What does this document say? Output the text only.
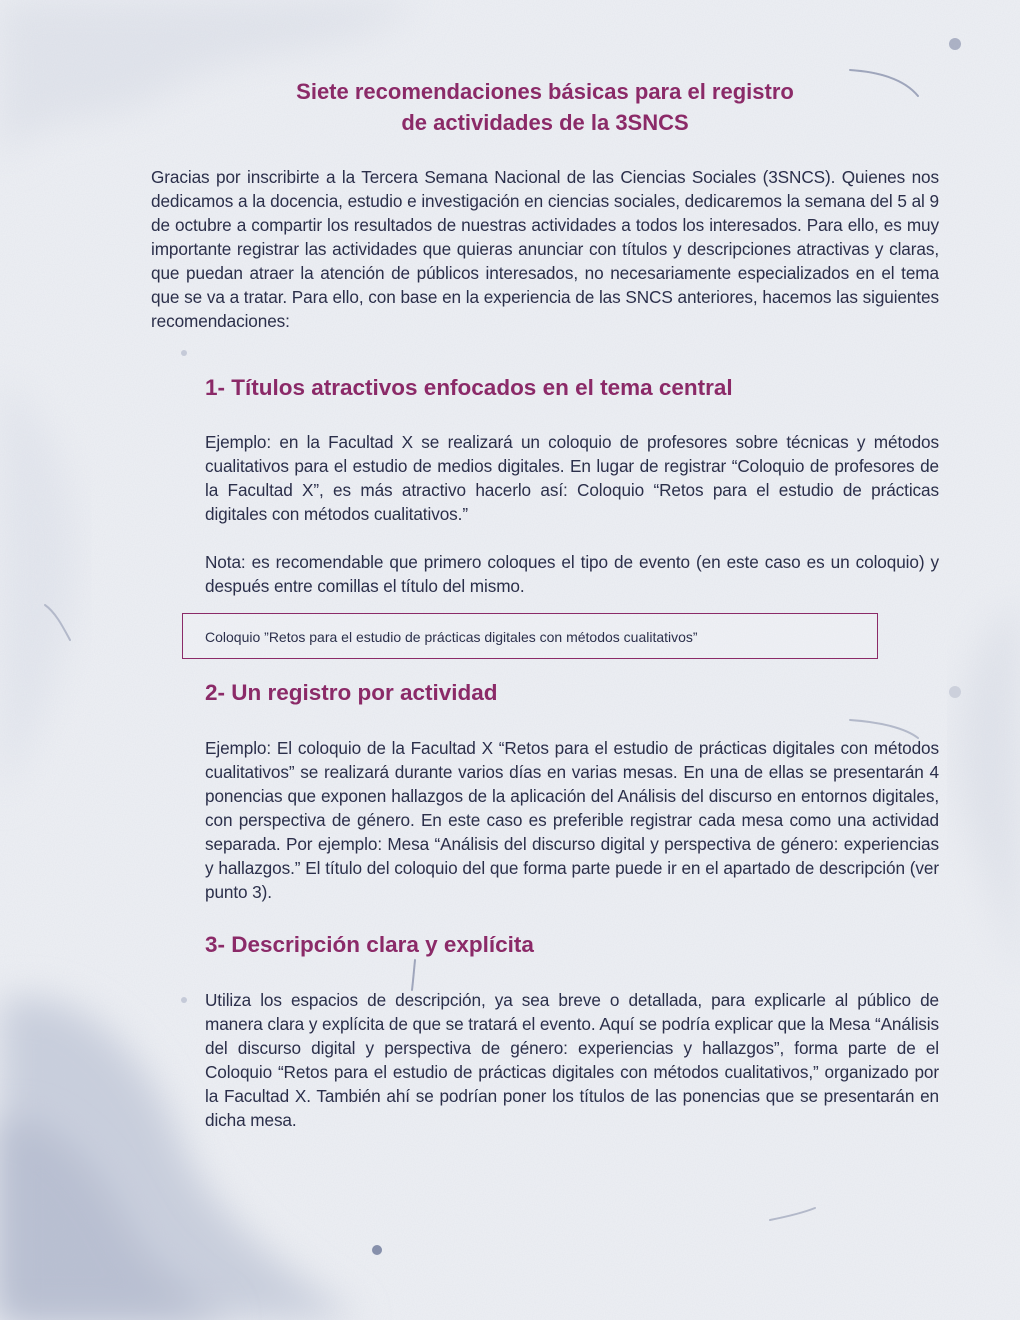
Siete recomendaciones básicas para el registro
de actividades de la 3SNCS

Gracias por inscribirte a la Tercera Semana Nacional de las Ciencias Sociales (3SNCS). Quienes nos dedicamos a la docencia, estudio e investigación en ciencias sociales, dedicaremos la semana del 5 al 9 de octubre a compartir los resultados de nuestras actividades a todos los interesados. Para ello, es muy importante registrar las actividades que quieras anunciar con títulos y descripciones atractivas y claras, que puedan atraer la atención de públicos interesados, no necesariamente especializados en el tema que se va a tratar. Para ello, con base en la experiencia de las SNCS anteriores, hacemos las siguientes recomendaciones:

1- Títulos atractivos enfocados en el tema central

Ejemplo: en la Facultad X se realizará un coloquio de profesores sobre técnicas y métodos cualitativos para el estudio de medios digitales. En lugar de registrar “Coloquio de profesores de la Facultad X”, es más atractivo hacerlo así: Coloquio “Retos para el estudio de prácticas digitales con métodos cualitativos.”

Nota: es recomendable que primero coloques el tipo de evento (en este caso es un coloquio) y después entre comillas el título del mismo.

Coloquio ”Retos para el estudio de prácticas digitales con métodos cualitativos”
2- Un registro por actividad

Ejemplo: El coloquio de la Facultad X “Retos para el estudio de prácticas digitales con métodos cualitativos” se realizará durante varios días en varias mesas. En una de ellas se presentarán 4 ponencias que exponen hallazgos de la aplicación del Análisis del discurso en entornos digitales, con perspectiva de género. En este caso es preferible registrar cada mesa como una actividad separada. Por ejemplo: Mesa “Análisis del discurso digital y perspectiva de género: experiencias y hallazgos.” El título del coloquio del que forma parte puede ir en el apartado de descripción (ver punto 3).

3- Descripción clara y explícita

Utiliza los espacios de descripción, ya sea breve o detallada, para explicarle al público de manera clara y explícita de que se tratará el evento. Aquí se podría explicar que la Mesa “Análisis del discurso digital y perspectiva de género: experiencias y hallazgos”, forma parte de el Coloquio “Retos para el estudio de prácticas digitales con métodos cualitativos,” organizado por la Facultad X. También ahí se podrían poner los títulos de las ponencias que se presentarán en dicha mesa.
